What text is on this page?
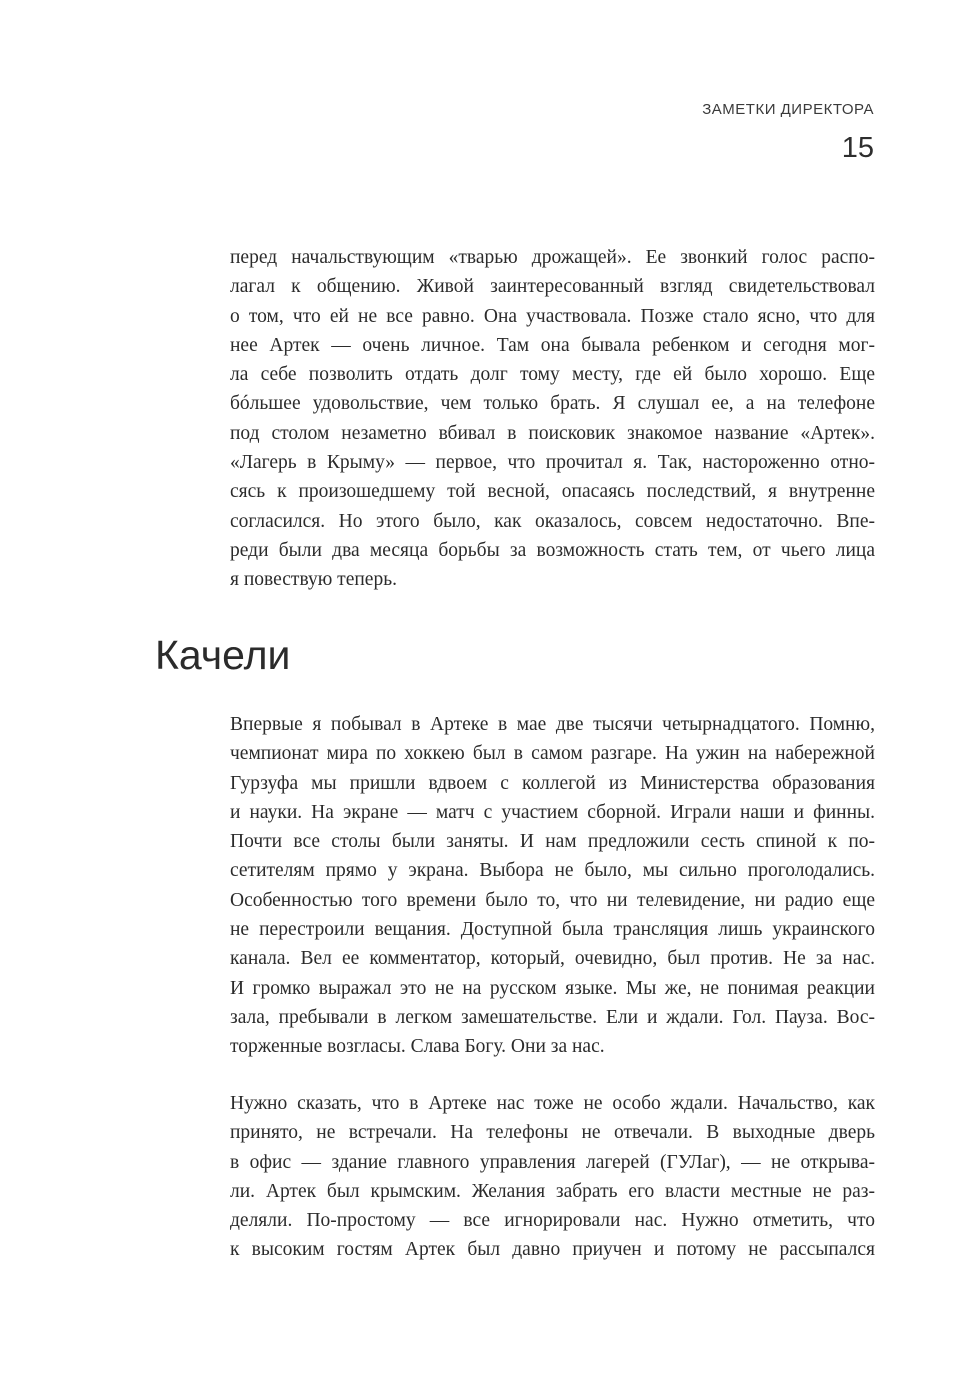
ЗАМЕТКИ ДИРЕКТОРА
15
перед начальствующим «тварью дрожащей». Ее звонкий голос распо-
лагал к общению. Живой заинтересованный взгляд свидетельствовал
о том, что ей не все равно. Она участвовала. Позже стало ясно, что для
нее Артек — очень личное. Там она бывала ребенком и сегодня мог-
ла себе позволить отдать долг тому месту, где ей было хорошо. Еще
бóльшее удовольствие, чем только брать. Я слушал ее, а на телефоне
под столом незаметно вбивал в поисковик знакомое название «Артек».
«Лагерь в Крыму» — первое, что прочитал я. Так, настороженно отно-
сясь к произошедшему той весной, опасаясь последствий, я внутренне
согласился. Но этого было, как оказалось, совсем недостаточно. Впе-
реди были два месяца борьбы за возможность стать тем, от чьего лица
я повествую теперь.
Качели
Впервые я побывал в Артеке в мае две тысячи четырнадцатого. Помню,
чемпионат мира по хоккею был в самом разгаре. На ужин на набережной
Гурзуфа мы пришли вдвоем с коллегой из Министерства образования
и науки. На экране — матч с участием сборной. Играли наши и финны.
Почти все столы были заняты. И нам предложили сесть спиной к по-
сетителям прямо у экрана. Выбора не было, мы сильно проголодались.
Особенностью того времени было то, что ни телевидение, ни радио еще
не перестроили вещания. Доступной была трансляция лишь украинского
канала. Вел ее комментатор, который, очевидно, был против. Не за нас.
И громко выражал это не на русском языке. Мы же, не понимая реакции
зала, пребывали в легком замешательстве. Ели и ждали. Гол. Пауза. Вос-
торженные возгласы. Слава Богу. Они за нас.
Нужно сказать, что в Артеке нас тоже не особо ждали. Начальство, как
принято, не встречали. На телефоны не отвечали. В выходные дверь
в офис — здание главного управления лагерей (ГУЛаг), — не открыва-
ли. Артек был крымским. Желания забрать его власти местные не раз-
деляли. По-простому — все игнорировали нас. Нужно отметить, что
к высоким гостям Артек был давно приучен и потому не рассыпался
